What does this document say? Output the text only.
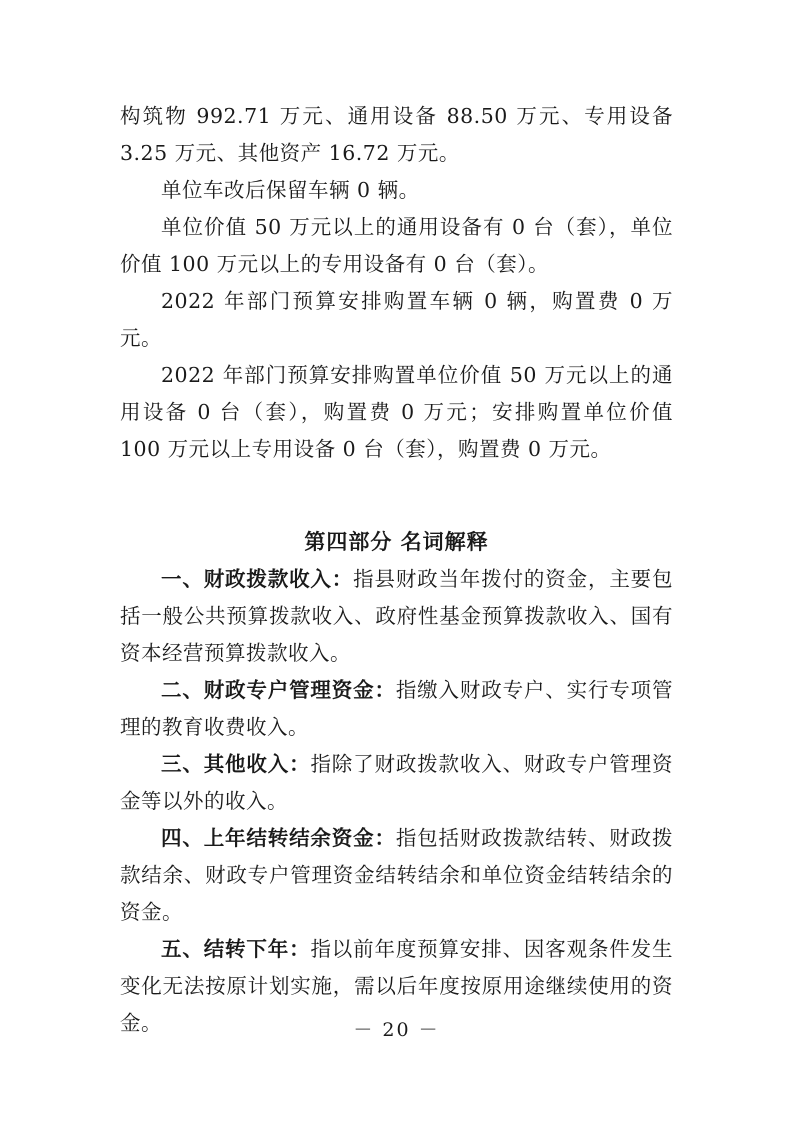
构筑物 992.71 万元、通用设备 88.50 万元、专用设备 3.25 万元、其他资产 16.72 万元。

单位车改后保留车辆 0 辆。

单位价值 50 万元以上的通用设备有 0 台（套），单位价值 100 万元以上的专用设备有 0 台（套）。

2022 年部门预算安排购置车辆 0 辆，购置费 0 万元。

2022 年部门预算安排购置单位价值 50 万元以上的通用设备 0 台（套），购置费 0 万元；安排购置单位价值 100 万元以上专用设备 0 台（套），购置费 0 万元。

第四部分 名词解释

一、财政拨款收入：指县财政当年拨付的资金，主要包括一般公共预算拨款收入、政府性基金预算拨款收入、国有资本经营预算拨款收入。

二、财政专户管理资金：指缴入财政专户、实行专项管理的教育收费收入。

三、其他收入：指除了财政拨款收入、财政专户管理资金等以外的收入。

四、上年结转结余资金：指包括财政拨款结转、财政拨款结余、财政专户管理资金结转结余和单位资金结转结余的资金。

五、结转下年：指以前年度预算安排、因客观条件发生变化无法按原计划实施，需以后年度按原用途继续使用的资金。	－ 20 －
